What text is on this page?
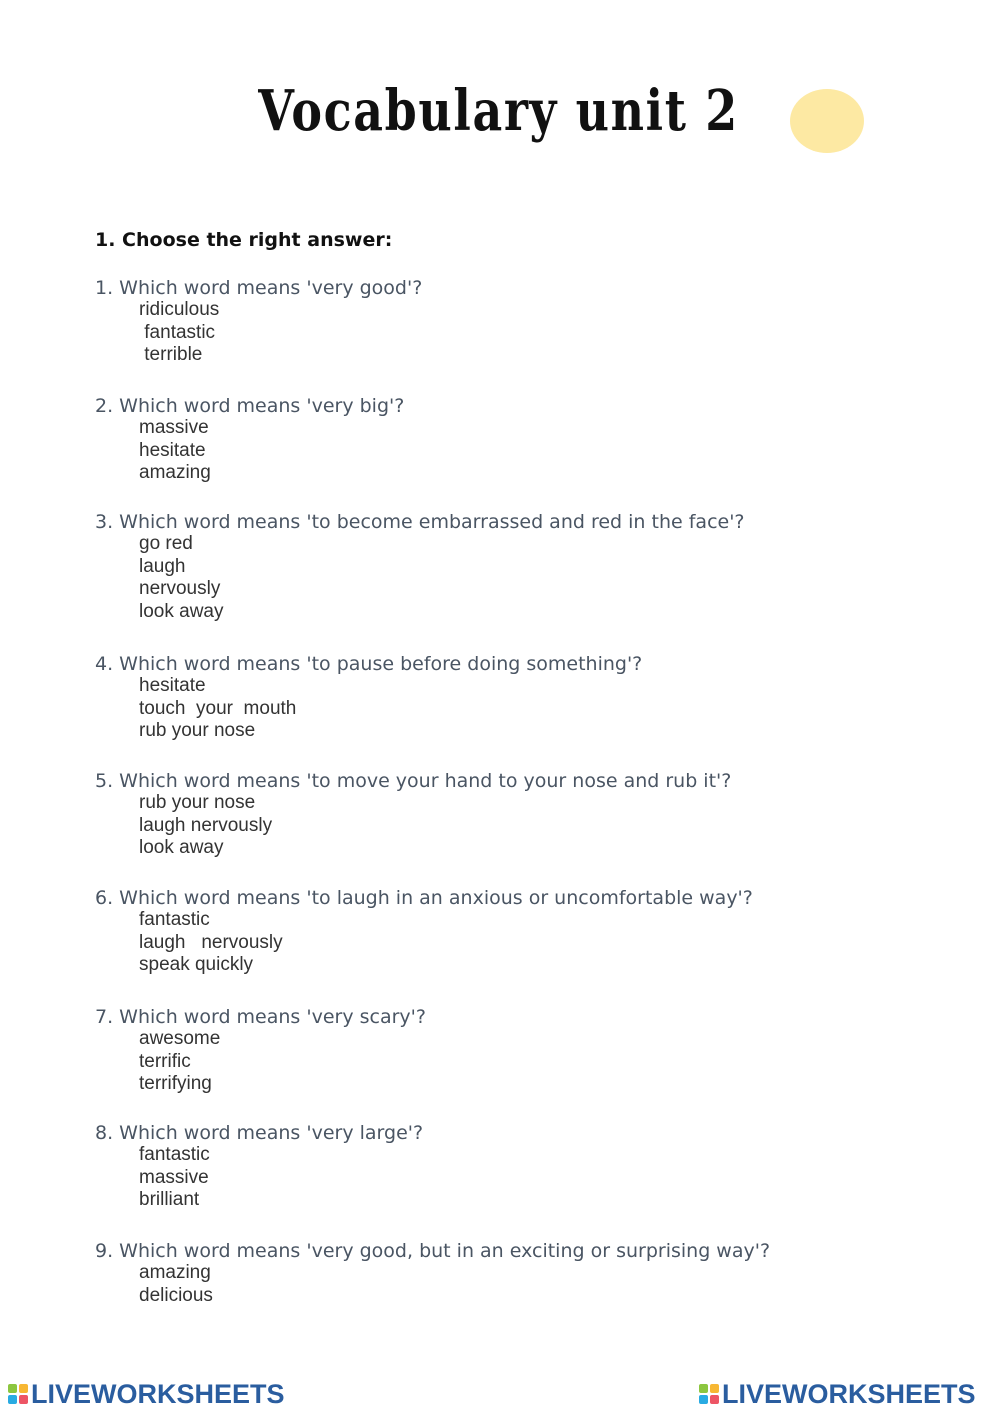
Vocabulary unit 2
1. Choose the right answer:

1. Which word means 'very good'?

ridiculous
fantastic
terrible

2. Which word means 'very big'?

massive
hesitate
amazing

3. Which word means 'to become embarrassed and red in the face'?

go red
laugh
nervously
look away

4. Which word means 'to pause before doing something'?

hesitate
touch  your  mouth
rub your nose

5. Which word means 'to move your hand to your nose and rub it'?

rub your nose
laugh nervously
look away

6. Which word means 'to laugh in an anxious or uncomfortable way'?

fantastic
laugh   nervously
speak quickly

7. Which word means 'very scary'?

awesome
terrific
terrifying

8. Which word means 'very large'?

fantastic
massive
brilliant

9. Which word means 'very good, but in an exciting or surprising way'?

amazing
delicious
LIVEWORKSHEETS	LIVEWORKSHEETS
